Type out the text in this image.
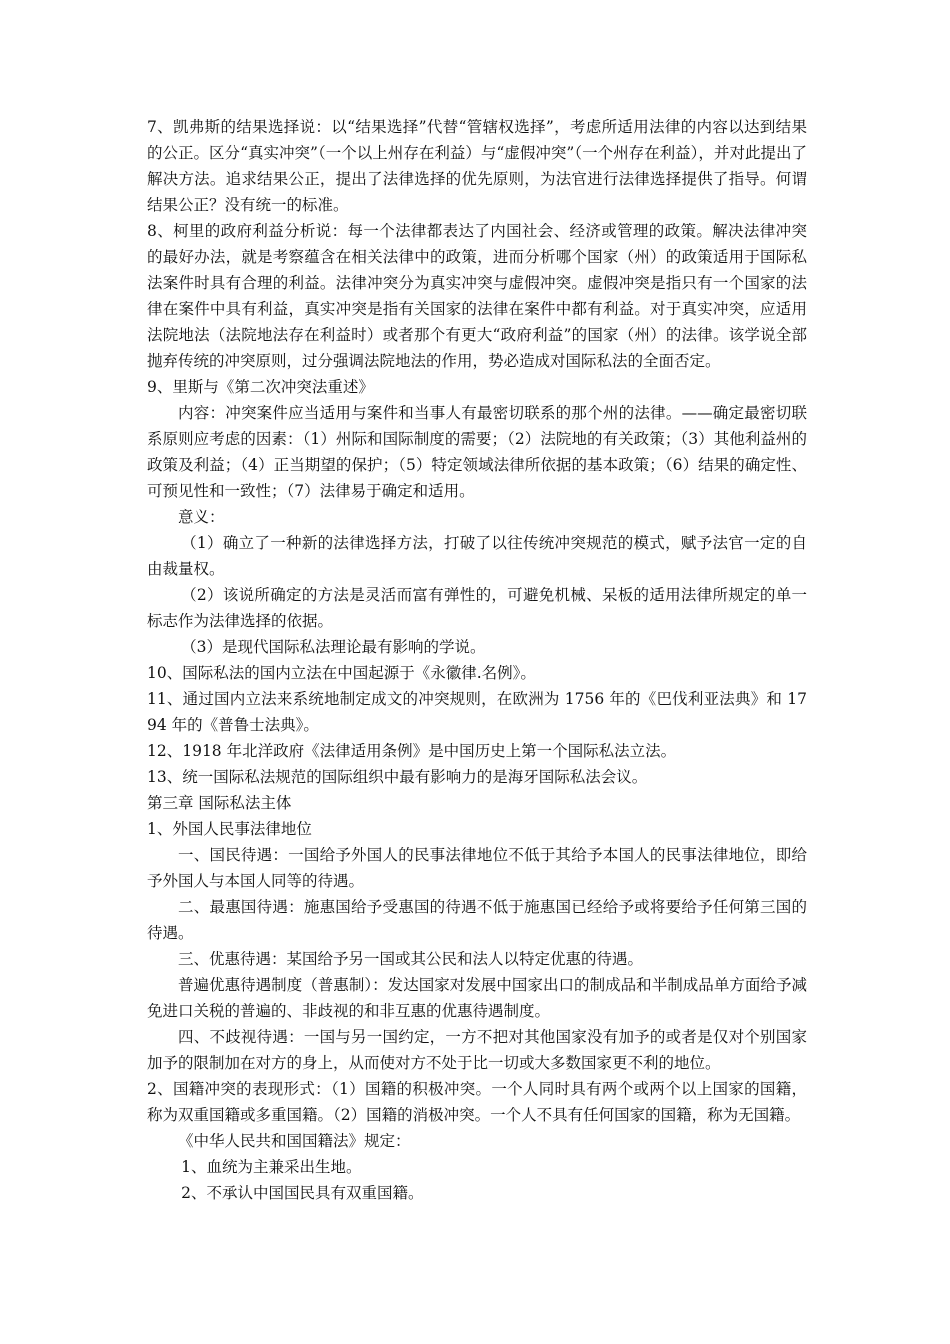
7、凯弗斯的结果选择说：以“结果选择”代替“管辖权选择”，考虑所适用法律的内容以达到结果的公正。区分“真实冲突”（一个以上州存在利益）与“虚假冲突”（一个州存在利益），并对此提出了解决方法。追求结果公正，提出了法律选择的优先原则，为法官进行法律选择提供了指导。何谓结果公正？没有统一的标准。

8、柯里的政府利益分析说：每一个法律都表达了内国社会、经济或管理的政策。解决法律冲突的最好办法，就是考察蕴含在相关法律中的政策，进而分析哪个国家（州）的政策适用于国际私法案件时具有合理的利益。法律冲突分为真实冲突与虚假冲突。虚假冲突是指只有一个国家的法律在案件中具有利益，真实冲突是指有关国家的法律在案件中都有利益。对于真实冲突，应适用法院地法（法院地法存在利益时）或者那个有更大“政府利益”的国家（州）的法律。该学说全部抛弃传统的冲突原则，过分强调法院地法的作用，势必造成对国际私法的全面否定。

9、里斯与《第二次冲突法重述》

内容：冲突案件应当适用与案件和当事人有最密切联系的那个州的法律。——确定最密切联系原则应考虑的因素：（1）州际和国际制度的需要；（2）法院地的有关政策；（3）其他利益州的政策及利益；（4）正当期望的保护；（5）特定领域法律所依据的基本政策；（6）结果的确定性、可预见性和一致性；（7）法律易于确定和适用。

意义：

（1）确立了一种新的法律选择方法，打破了以往传统冲突规范的模式，赋予法官一定的自由裁量权。

（2）该说所确定的方法是灵活而富有弹性的，可避免机械、呆板的适用法律所规定的单一标志作为法律选择的依据。

（3）是现代国际私法理论最有影响的学说。

10、国际私法的国内立法在中国起源于《永徽律.名例》。

11、通过国内立法来系统地制定成文的冲突规则，在欧洲为 1756 年的《巴伐利亚法典》和 1794 年的《普鲁士法典》。

12、1918 年北洋政府《法律适用条例》是中国历史上第一个国际私法立法。

13、统一国际私法规范的国际组织中最有影响力的是海牙国际私法会议。

第三章 国际私法主体

1、外国人民事法律地位

一、国民待遇：一国给予外国人的民事法律地位不低于其给予本国人的民事法律地位，即给予外国人与本国人同等的待遇。

二、最惠国待遇：施惠国给予受惠国的待遇不低于施惠国已经给予或将要给予任何第三国的待遇。

三、优惠待遇：某国给予另一国或其公民和法人以特定优惠的待遇。

普遍优惠待遇制度（普惠制）：发达国家对发展中国家出口的制成品和半制成品单方面给予减免进口关税的普遍的、非歧视的和非互惠的优惠待遇制度。

四、不歧视待遇：一国与另一国约定，一方不把对其他国家没有加予的或者是仅对个别国家加予的限制加在对方的身上，从而使对方不处于比一切或大多数国家更不利的地位。

2、国籍冲突的表现形式：（1）国籍的积极冲突。一个人同时具有两个或两个以上国家的国籍，称为双重国籍或多重国籍。（2）国籍的消极冲突。一个人不具有任何国家的国籍，称为无国籍。

《中华人民共和国国籍法》规定：

1、血统为主兼采出生地。

2、不承认中国国民具有双重国籍。
